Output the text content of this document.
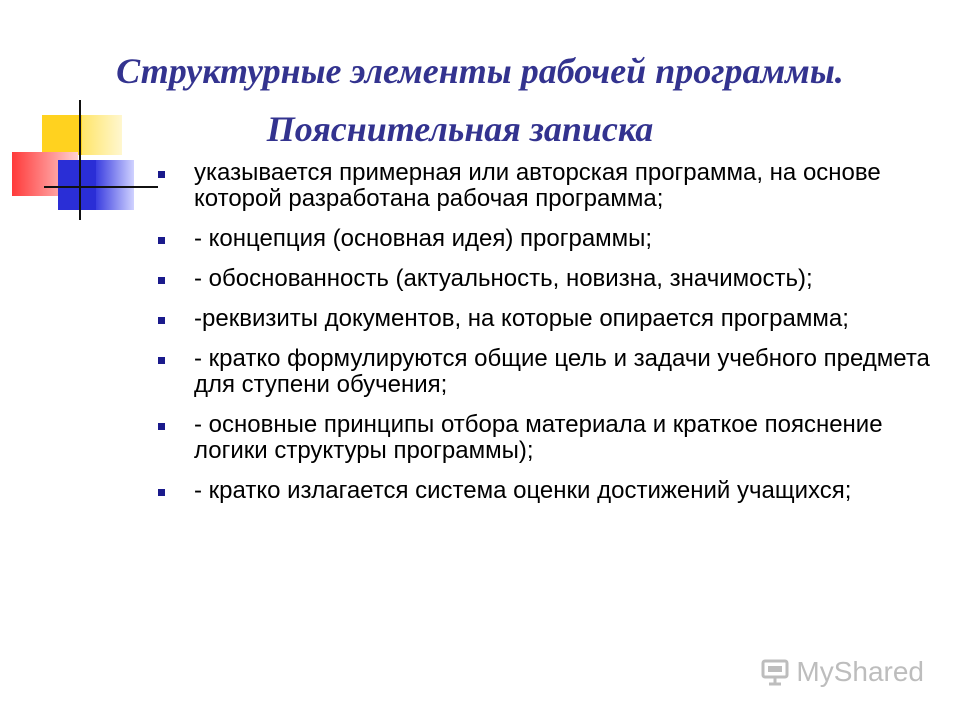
Структурные элементы рабочей программы.
Пояснительная записка
указывается примерная или авторская программа, на основе которой разработана рабочая программа;
- концепция (основная идея) программы;
- обоснованность (актуальность, новизна, значимость);
-реквизиты документов, на которые опирается программа;
- кратко формулируются общие цель и задачи учебного предмета для ступени обучения;
- основные принципы отбора материала и краткое пояснение логики структуры программы);
- кратко излагается система оценки достижений учащихся;
MyShared
